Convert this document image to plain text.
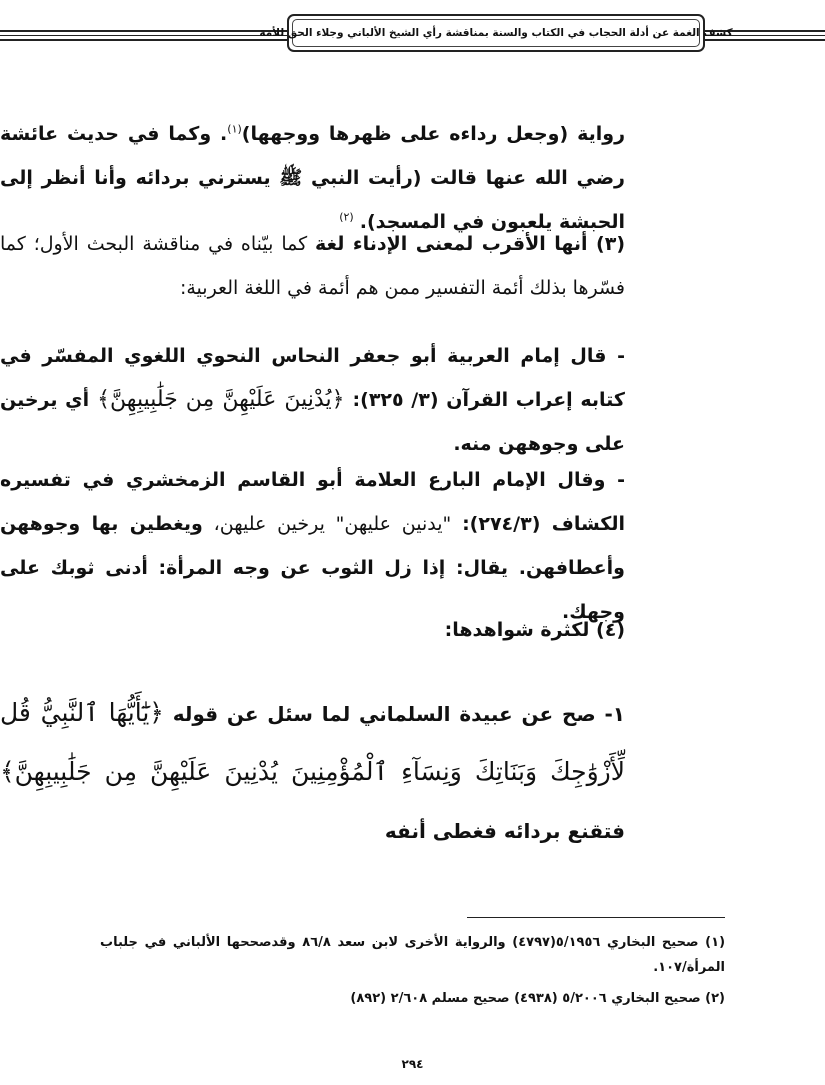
كشف الغمة عن أدلة الحجاب في الكتاب والسنة بمناقشة رأي الشيخ الألباني وجلاء الحق للأمة
رواية (وجعل رداءه على ظهرها ووجهها)$^{(١)}$. وكما في حديث عائشة رضي الله عنها قالت (رأيت النبي ﷺ يسترني بردائه وأنا أنظر إلى الحبشة يلعبون في المسجد). $^{(٢)}$
(٣) أنها الأقرب لمعنى الإدناء لغة كما بيّناه في مناقشة البحث الأول؛ كما فسّرها بذلك أئمة التفسير ممن هم أئمة في اللغة العربية:
- قال إمام العربية أبو جعفر النحاس النحوي اللغوي المفسّر في كتابه إعراب القرآن (٣/ ٣٢٥): ﴿يُدْنِينَ عَلَيْهِنَّ مِن جَلَٰبِيبِهِنَّ﴾ أي يرخين على وجوههن منه.
- وقال الإمام البارع العلامة أبو القاسم الزمخشري في تفسيره الكشاف (٢٧٤/٣): "يدنين عليهن" يرخين عليهن، ويغطين بها وجوههن وأعطافهن. يقال: إذا زل الثوب عن وجه المرأة: أدنى ثوبك على وجهك.
(٤) لكثرة شواهدها:
١- صح عن عبيدة السلماني لما سئل عن قوله ﴿يَٰٓأَيُّهَا ٱلنَّبِيُّ قُل لِّأَزْوَٰجِكَ وَبَنَاتِكَ وَنِسَآءِ ٱلْمُؤْمِنِينَ يُدْنِينَ عَلَيْهِنَّ مِن جَلَٰبِيبِهِنَّ﴾ فتقنع بردائه فغطى أنفه
(١) صحيح البخاري ٥/١٩٥٦(٤٧٩٧) والرواية الأخرى لابن سعد ٨٦/٨ وقدصححها الألباني في جلباب المرأة/١٠٧.
(٢) صحيح البخاري ٥/٢٠٠٦ (٤٩٣٨) صحيح مسلم ٢/٦٠٨ (٨٩٢)
٢٩٤
